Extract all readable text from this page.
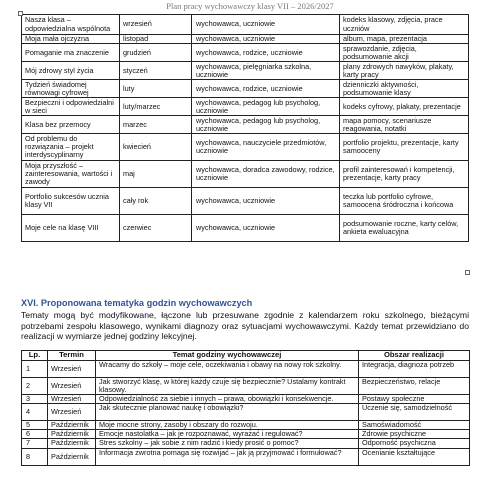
Plan pracy wychowawczy klasy VII – 2026/2027
Nasza klasa – odpowiedzialna wspólnota	wrzesień	wychowawca, uczniowie	kodeks klasowy, zdjęcia, prace uczniów
Moja mała ojczyzna	listopad	wychowawca, uczniowie	album, mapa, prezentacja
Pomaganie ma znaczenie	grudzień	wychowawca, rodzice, uczniowie	sprawozdanie, zdjęcia, podsumowanie akcji
Mój zdrowy styl życia	styczeń	wychowawca, pielęgniarka szkolna, uczniowie	plany zdrowych nawyków, plakaty, karty pracy
Tydzień świadomej równowagi cyfrowej	luty	wychowawca, rodzice, uczniowie	dzienniczki aktywności, podsumowanie klasy
Bezpieczni i odpowiedzialni w sieci	luty/marzec	wychowawca, pedagog lub psycholog, uczniowie	kodeks cyfrowy, plakaty, prezentacje
Klasa bez przemocy	marzec	wychowawca, pedagog lub psycholog, uczniowie	mapa pomocy, scenariusze reagowania, notatki
Od problemu do rozwiązania – projekt interdyscyplinarny	kwiecień	wychowawca, nauczyciele przedmiotów, uczniowie	portfolio projektu, prezentacje, karty samooceny
Moja przyszłość – zainteresowania, wartości i zawody	maj	wychowawca, doradca zawodowy, rodzice, uczniowie	profil zainteresowań i kompetencji, prezentacje, karty pracy
Portfolio sukcesów ucznia klasy VII	cały rok	wychowawca, uczniowie	teczka lub portfolio cyfrowe, samoocena śródroczna i końcowa
Moje cele na klasę VIII	czerwiec	wychowawca, uczniowie	podsumowanie roczne, karty celów, ankieta ewaluacyjna
XVI. Proponowana tematyka godzin wychowawczych
Tematy mogą być modyfikowane, łączone lub przesuwane zgodnie z kalendarzem roku szkolnego, bieżącymi potrzebami zespołu klasowego, wynikami diagnozy oraz sytuacjami wychowawczymi. Każdy temat przewidziano do realizacji w wymiarze jednej godziny lekcyjnej.
Lp.	Termin	Temat godziny wychowawczej	Obszar realizacji
1	Wrzesień	Wracamy do szkoły – moje cele, oczekiwania i obawy na nowy rok szkolny.	Integracja, diagnoza potrzeb
2	Wrzesień	Jak stworzyć klasę, w której każdy czuje się bezpiecznie? Ustalamy kontrakt klasowy.	Bezpieczeństwo, relacje
3	Wrzesień	Odpowiedzialność za siebie i innych – prawa, obowiązki i konsekwencje.	Postawy społeczne
4	Wrzesień	Jak skutecznie planować naukę i obowiązki?	Uczenie się, samodzielność
5	Październik	Moje mocne strony, zasoby i obszary do rozwoju.	Samoświadomość
6	Październik	Emocje nastolatka – jak je rozpoznawać, wyrażać i regulować?	Zdrowie psychiczne
7	Październik	Stres szkolny – jak sobie z nim radzić i kiedy prosić o pomoc?	Odporność psychiczna
8	Październik	Informacja zwrotna pomaga się rozwijać – jak ją przyjmować i formułować?	Ocenianie kształtujące
